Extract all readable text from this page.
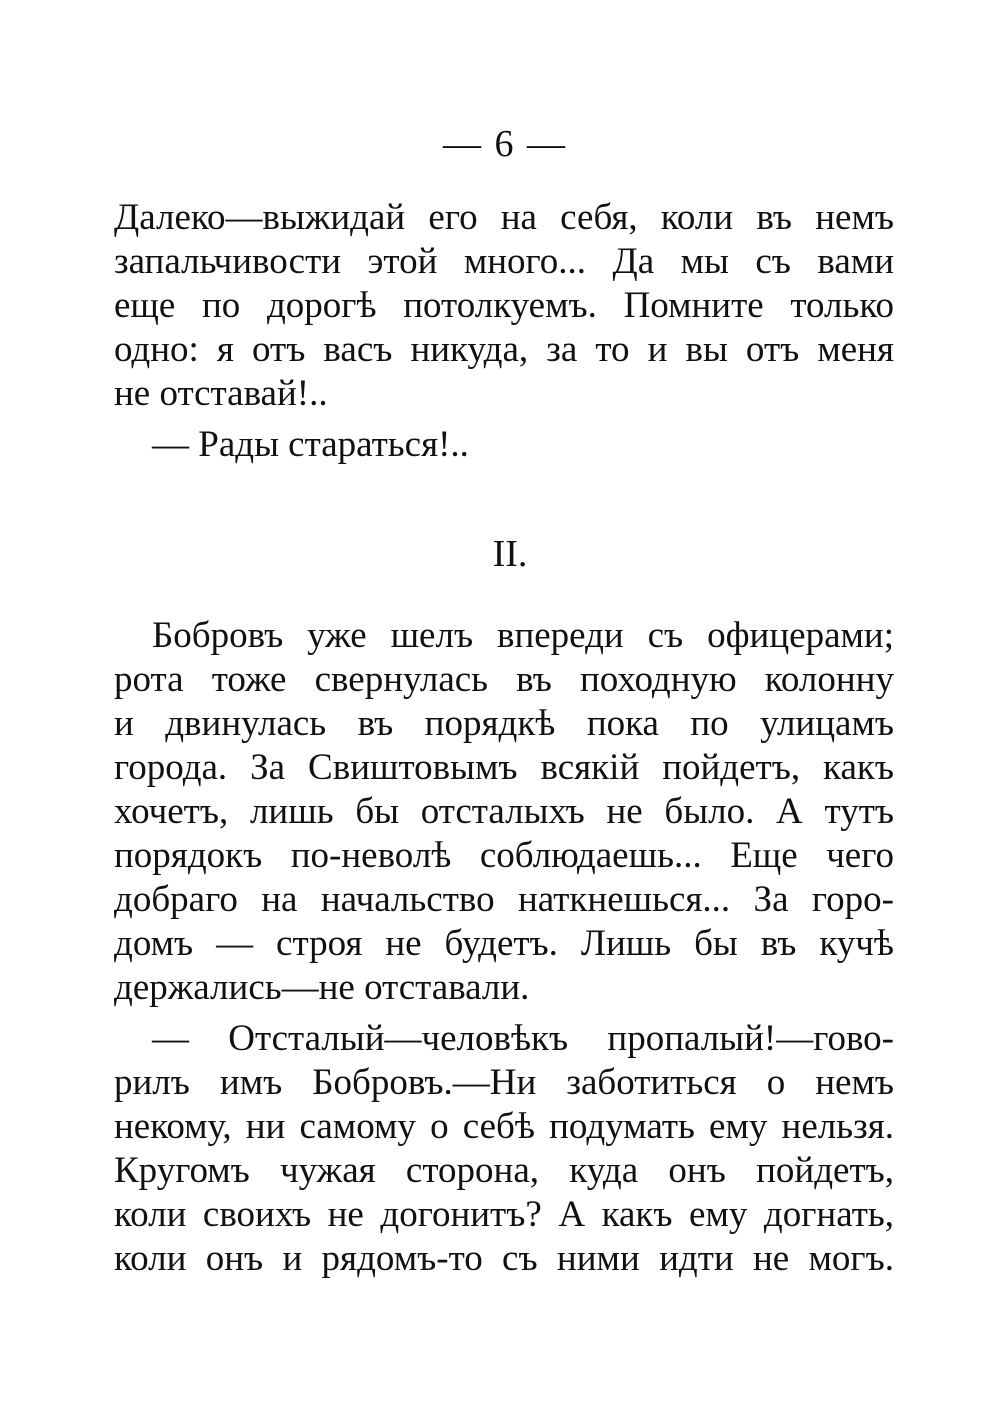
— 6 —
Далеко—выжидай его на себя, коли въ немъ
запальчивости этой много... Да мы съ вами
еще по дорогѣ потолкуемъ. Помните только
одно: я отъ васъ никуда, за то и вы отъ меня
не отставай!..
— Рады стараться!..
II.
Бобровъ уже шелъ впереди съ офицерами;
рота тоже свернулась въ походную колонну
и двинулась въ порядкѣ пока по улицамъ
города. За Свиштовымъ всякій пойдетъ, какъ
хочетъ, лишь бы отсталыхъ не было. А тутъ
порядокъ по-неволѣ соблюдаешь... Еще чего
добраго на начальство наткнешься... За горо-
домъ — строя не будетъ. Лишь бы въ кучѣ
держались—не отставали.
— Отсталый—человѣкъ пропалый!—гово-
рилъ имъ Бобровъ.—Ни заботиться о немъ
некому, ни самому о себѣ подумать ему нельзя.
Кругомъ чужая сторона, куда онъ пойдетъ,
коли своихъ не догонитъ? А какъ ему догнать,
коли онъ и рядомъ-то съ ними идти не могъ.
